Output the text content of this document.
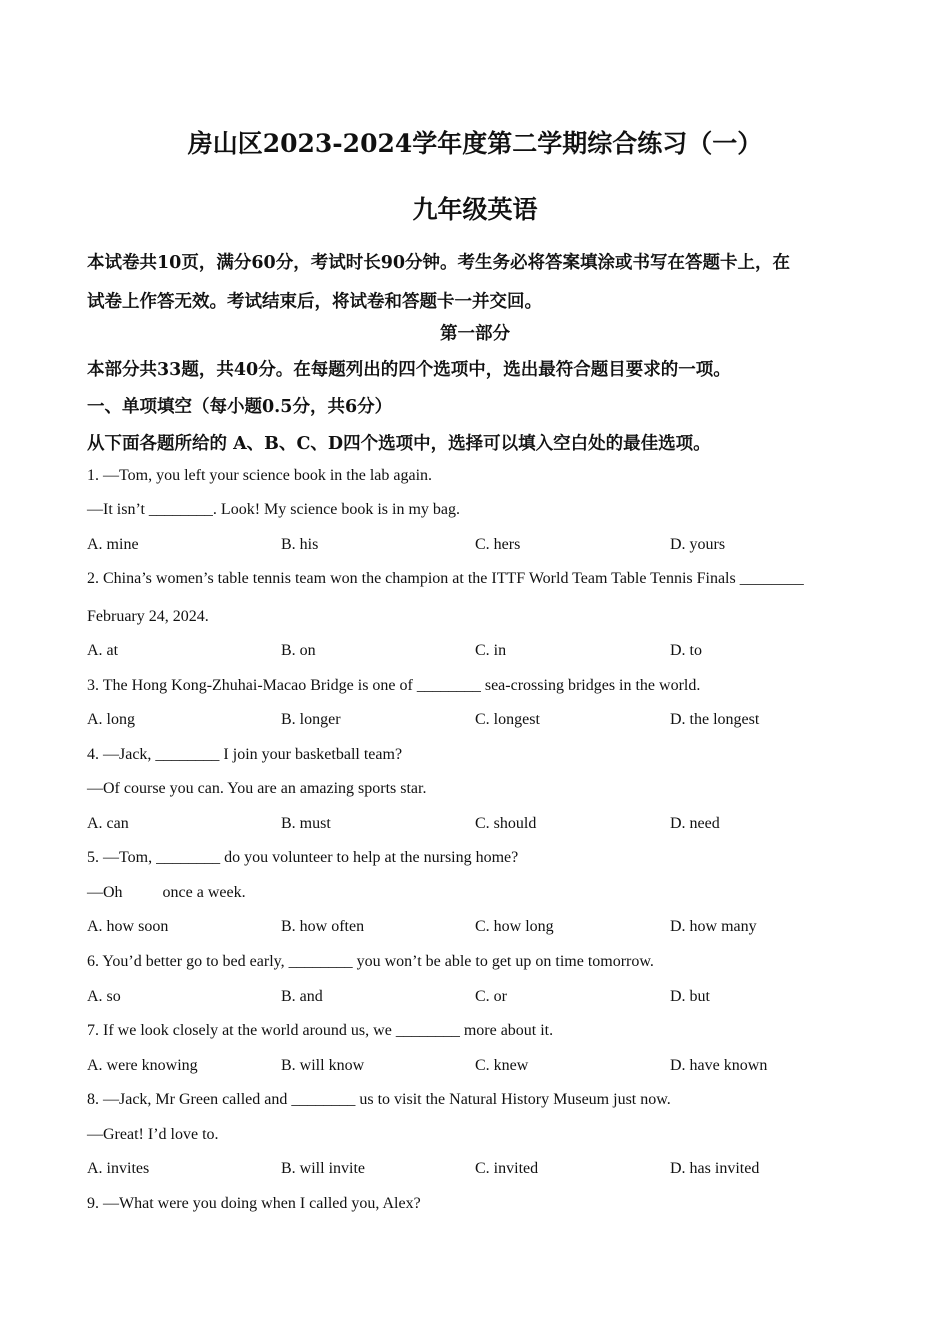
房山区2023-2024学年度第二学期综合练习（一）
九年级英语
本试卷共10页，满分60分，考试时长90分钟。考生务必将答案填涂或书写在答题卡上，在
试卷上作答无效。考试结束后，将试卷和答题卡一并交回。
第一部分
本部分共33题，共40分。在每题列出的四个选项中，选出最符合题目要求的一项。
一、单项填空（每小题0.5分，共6分）
从下面各题所给的 A、B、C、D四个选项中，选择可以填入空白处的最佳选项。
1. —Tom, you left your science book in the lab again.
—It isn’t ________. Look! My science book is in my bag.
A. mine	B. his	C. hers	D. yours
2. China’s women’s table tennis team won the champion at the ITTF World Team Table Tennis Finals ________
February 24, 2024.
A. at	B. on	C. in	D. to
3. The Hong Kong-Zhuhai-Macao Bridge is one of ________ sea-crossing bridges in the world.
A. long	B. longer	C. longest	D. the longest
4. —Jack, ________ I join your basketball team?
—Of course you can. You are an amazing sports star.
A. can	B. must	C. should	D. need
5. —Tom, ________ do you volunteer to help at the nursing home?
—Oh          once a week.
A. how soon	B. how often	C. how long	D. how many
6. You’d better go to bed early, ________ you won’t be able to get up on time tomorrow.
A. so	B. and	C. or	D. but
7. If we look closely at the world around us, we ________ more about it.
A. were knowing	B. will know	C. knew	D. have known
8. —Jack, Mr Green called and ________ us to visit the Natural History Museum just now.
—Great! I’d love to.
A. invites	B. will invite	C. invited	D. has invited
9. —What were you doing when I called you, Alex?
